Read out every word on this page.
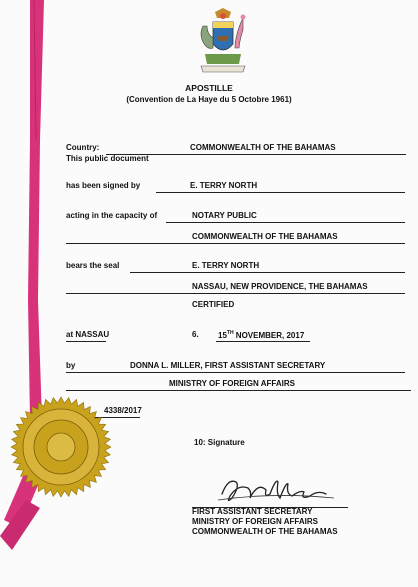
APOSTILLE
(Convention de La Haye du 5 Octobre 1961)
Country:	COMMONWEALTH OF THE BAHAMAS
This public document
has been signed by	E. TERRY NORTH
acting in the capacity of	NOTARY PUBLIC
COMMONWEALTH OF THE BAHAMAS
bears the seal	E. TERRY NORTH
NASSAU, NEW PROVIDENCE, THE BAHAMAS
CERTIFIED
at NASSAU	6. 15TH NOVEMBER, 2017
by	DONNA L. MILLER, FIRST ASSISTANT SECRETARY
MINISTRY OF FOREIGN AFFAIRS
4338/2017
10: Signature
FIRST ASSISTANT SECRETARY
MINISTRY OF FOREIGN AFFAIRS
COMMONWEALTH OF THE BAHAMAS
